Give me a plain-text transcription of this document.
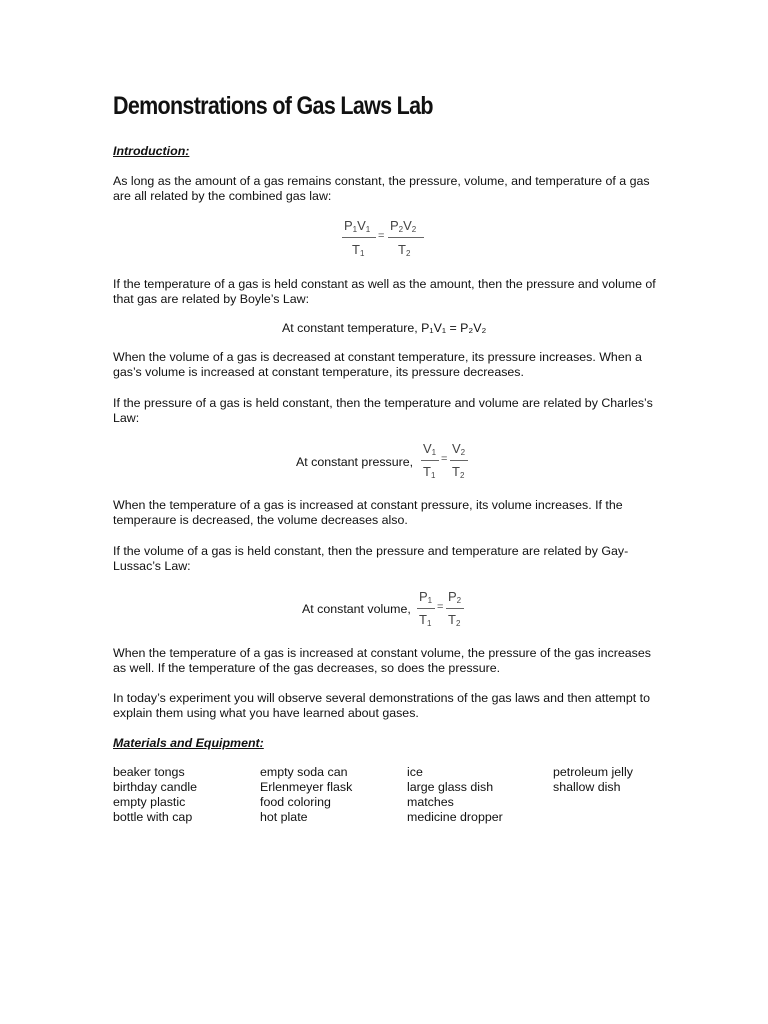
Demonstrations of Gas Laws Lab
Introduction:

As long as the amount of a gas remains constant, the pressure, volume, and temperature of a gas are all related by the combined gas law:

$P_1V_1$
$T_1$
=
$P_2V_2$
$T_2$

If the temperature of a gas is held constant as well as the amount, then the pressure and volume of that gas are related by Boyle’s Law:

At constant temperature, P₁V₁ = P₂V₂

When the volume of a gas is decreased at constant temperature, its pressure increases. When a gas’s volume is increased at constant temperature, its pressure decreases.

If the pressure of a gas is held constant, then the temperature and volume are related by Charles’s Law:

At constant pressure,
$V_1$
$T_1$
=
$V_2$
$T_2$

When the temperature of a gas is increased at constant pressure, its volume increases. If the temperaure is decreased, the volume decreases also.

If the volume of a gas is held constant, then the pressure and temperature are related by Gay-Lussac’s Law:

At constant volume,
$P_1$
$T_1$
=
$P_2$
$T_2$

When the temperature of a gas is increased at constant volume, the pressure of the gas increases as well. If the temperature of the gas decreases, so does the pressure.

In today’s experiment you will observe several demonstrations of the gas laws and then attempt to explain them using what you have learned about gases.

Materials and Equipment:
beaker tongs
birthday candle
empty plastic
bottle with cap
empty soda can
Erlenmeyer flask
food coloring
hot plate
ice
large glass dish
matches
medicine dropper
petroleum jelly
shallow dish
